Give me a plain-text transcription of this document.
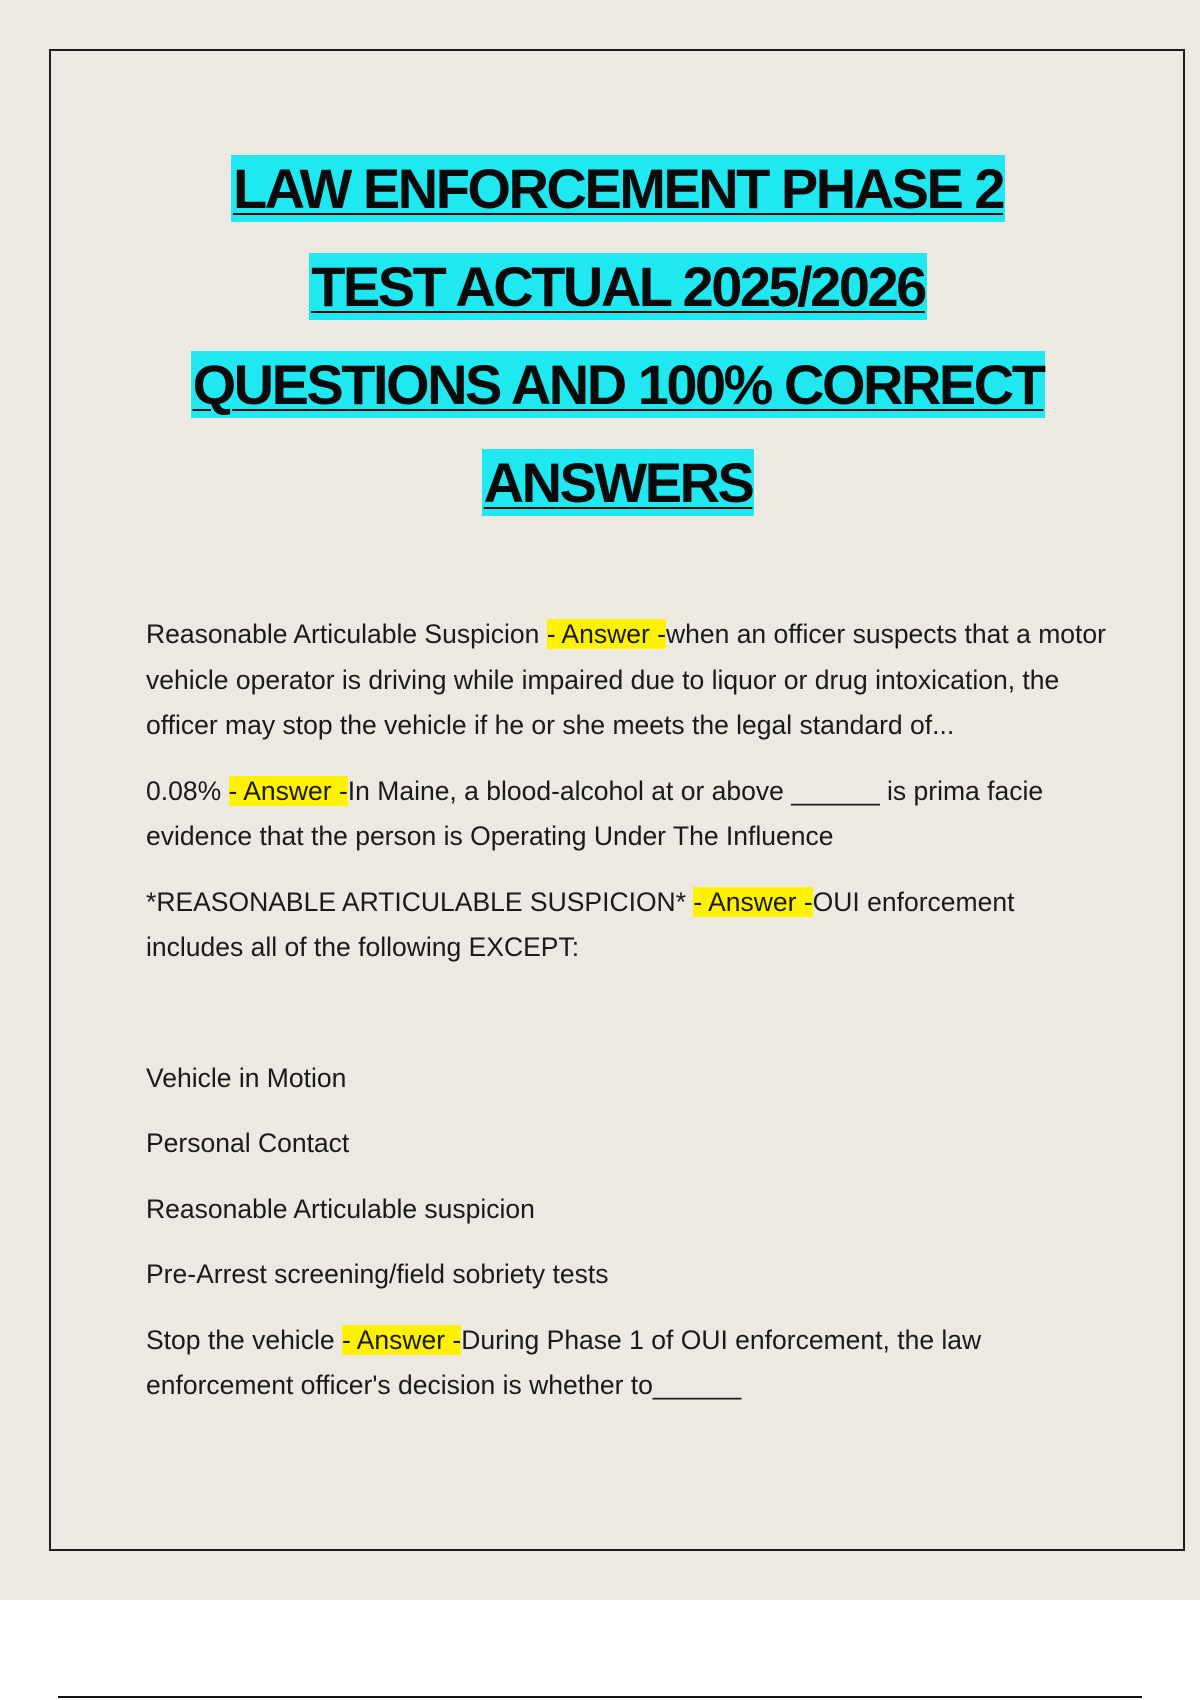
LAW ENFORCEMENT PHASE 2
TEST ACTUAL 2025/2026
QUESTIONS AND 100% CORRECT
ANSWERS

Reasonable Articulable Suspicion - Answer -when an officer suspects that a motor vehicle operator is driving while impaired due to liquor or drug intoxication, the officer may stop the vehicle if he or she meets the legal standard of...

0.08% - Answer -In Maine, a blood-alcohol at or above ______ is prima facie evidence that the person is Operating Under The Influence

*REASONABLE ARTICULABLE SUSPICION* - Answer -OUI enforcement includes all of the following EXCEPT:

Vehicle in Motion

Personal Contact

Reasonable Articulable suspicion

Pre-Arrest screening/field sobriety tests

Stop the vehicle - Answer -During Phase 1 of OUI enforcement, the law enforcement officer's decision is whether to______
